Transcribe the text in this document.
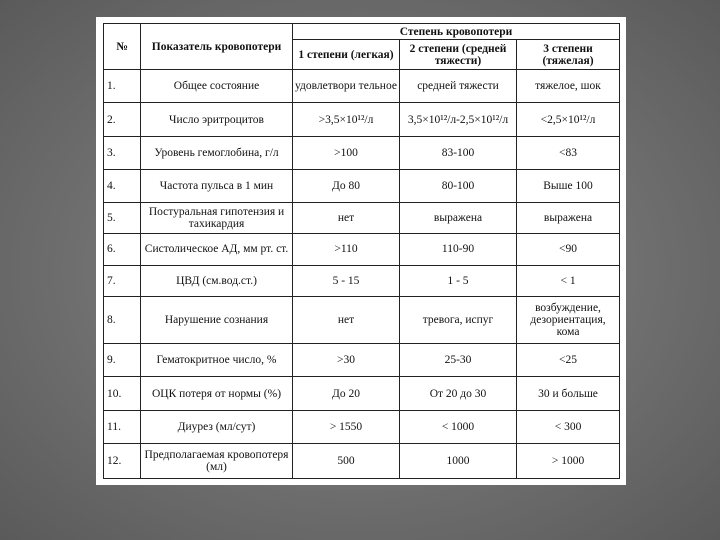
№	Показатель кровопотери	Степень кровопотери		
		1 степени (легкая)	2 степени (средней тяжести)	3 степени (тяжелая)
1.	Общее состояние	удовлетвори тельное	средней тяжести	тяжелое, шок
2.	Число эритроцитов	>3,5×10¹²/л	3,5×10¹²/л-2,5×10¹²/л	<2,5×10¹²/л
3.	Уровень гемоглобина, г/л	>100	83-100	<83
4.	Частота пульса в 1 мин	До 80	80-100	Выше 100
5.	Постуральная гипотензия и тахикардия	нет	выражена	выражена
6.	Систолическое АД, мм рт. ст.	>110	110-90	<90
7.	ЦВД (см.вод.ст.)	5 - 15	1 - 5	< 1
8.	Нарушение сознания	нет	тревога, испуг	возбуждение, дезориентация, кома
9.	Гематокритное число, %	>30	25-30	<25
10.	ОЦК потеря от нормы (%)	До 20	От 20 до 30	30 и больше
11.	Диурез (мл/сут)	> 1550	< 1000	< 300
12.	Предполагаемая кровопотеря (мл)	500	1000	> 1000
